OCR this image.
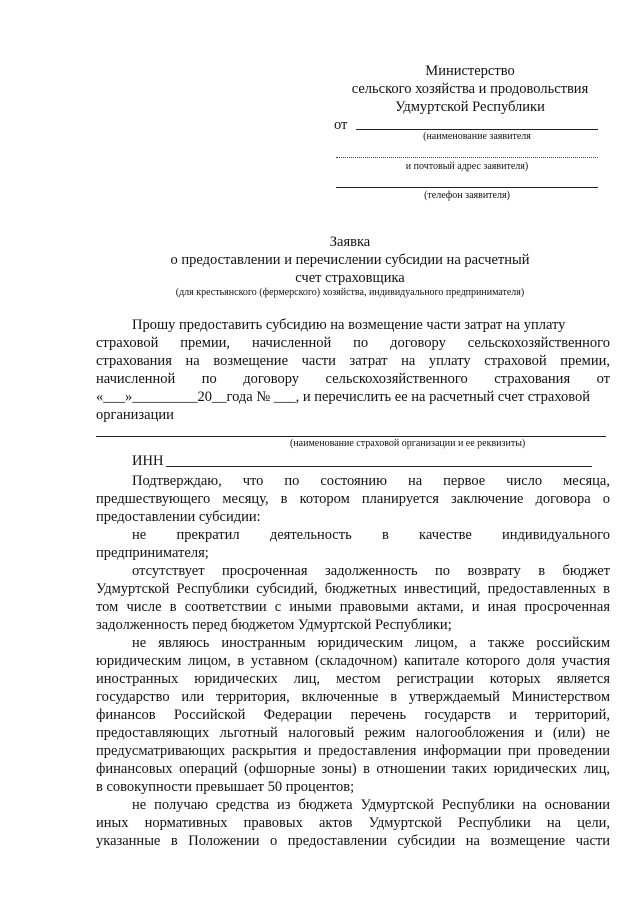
Министерство
сельского хозяйства и продовольствия
Удмуртской Республики
от
(наименование заявителя
и почтовый адрес заявителя)
(телефон заявителя)
Заявка
о предоставлении и перечислении субсидии на расчетный
счет страховщика
(для крестьянского (фермерского) хозяйства, индивидуального предпринимателя)
Прошу предоставить субсидию на возмещение части затрат на уплату
страховой премии, начисленной по договору сельскохозяйственного
страхования на возмещение части затрат на уплату страховой премии,
начисленной по договору сельскохозяйственного страхования от
«___»_________20__года № ___, и перечислить ее на расчетный счет страховой
организации
(наименование страховой организации и ее реквизиты)
ИНН
Подтверждаю, что по состоянию на первое число месяца,
предшествующего месяцу, в котором планируется заключение договора о
предоставлении субсидии:
не прекратил деятельность в качестве индивидуального
предпринимателя;
отсутствует просроченная задолженность по возврату в бюджет
Удмуртской Республики субсидий, бюджетных инвестиций, предоставленных в
том числе в соответствии с иными правовыми актами, и иная просроченная
задолженность перед бюджетом Удмуртской Республики;
не являюсь иностранным юридическим лицом, а также российским
юридическим лицом, в уставном (складочном) капитале которого доля участия
иностранных юридических лиц, местом регистрации которых является
государство или территория, включенные в утверждаемый Министерством
финансов Российской Федерации перечень государств и территорий,
предоставляющих льготный налоговый режим налогообложения и (или) не
предусматривающих раскрытия и предоставления информации при проведении
финансовых операций (офшорные зоны) в отношении таких юридических лиц,
в совокупности превышает 50 процентов;
не получаю средства из бюджета Удмуртской Республики на основании
иных нормативных правовых актов Удмуртской Республики на цели,
указанные в Положении о предоставлении субсидии на возмещение части
